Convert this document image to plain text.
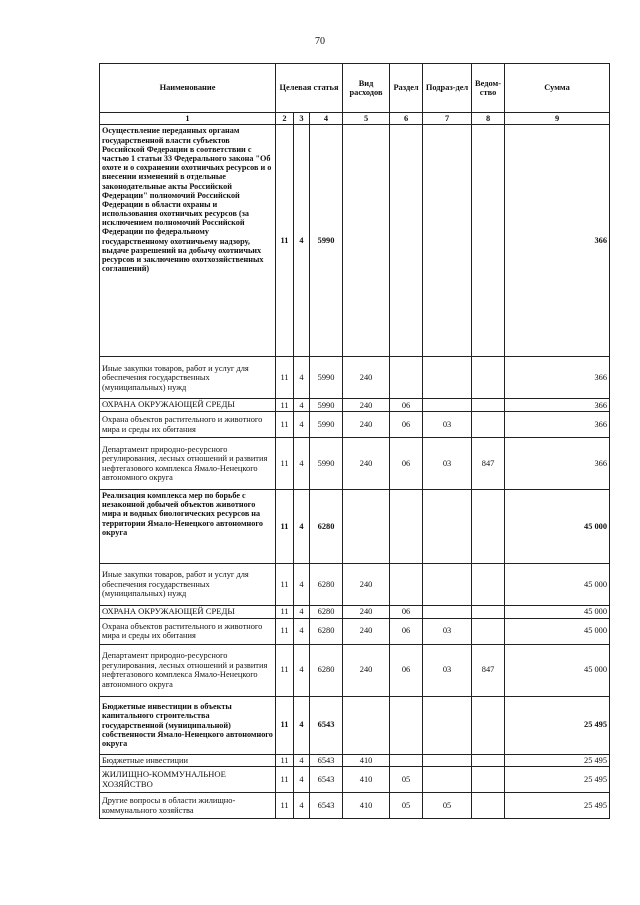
70
Наименование	Целевая статья			Вид расходов	Раздел	Подраз-дел	Ведом-ство	Сумма
1	2	3	4	5	6	7	8	9
Осуществление переданных органам государственной власти субъектов Российской Федерации в соответствии с частью 1 статьи 33 Федерального закона "Об охоте и о сохранении охотничьих ресурсов и о внесении изменений в отдельные законодательные акты Российской Федерации" полномочий Российской Федерации в области охраны и использования охотничьих ресурсов (за исключением полномочий Российской Федерации по федеральному государственному охотничьему надзору, выдаче разрешений на добычу охотничьих ресурсов и заключению охотхозяйственных соглашений)	11	4	5990					366
Иные закупки товаров, работ и услуг для обеспечения государственных (муниципальных) нужд	11	4	5990	240				366
ОХРАНА ОКРУЖАЮЩЕЙ СРЕДЫ	11	4	5990	240	06			366
Охрана объектов растительного и животного мира и среды их обитания	11	4	5990	240	06	03		366
Департамент природно-ресурсного регулирования, лесных отношений и развития нефтегазового комплекса Ямало-Ненецкого автономного округа	11	4	5990	240	06	03	847	366
Реализация комплекса мер по борьбе с незаконной добычей объектов животного мира и водных биологических ресурсов на территории Ямало-Ненецкого автономного округа	11	4	6280					45 000
Иные закупки товаров, работ и услуг для обеспечения государственных (муниципальных) нужд	11	4	6280	240				45 000
ОХРАНА ОКРУЖАЮЩЕЙ СРЕДЫ	11	4	6280	240	06			45 000
Охрана объектов растительного и животного мира и среды их обитания	11	4	6280	240	06	03		45 000
Департамент природно-ресурсного регулирования, лесных отношений и развития нефтегазового комплекса Ямало-Ненецкого автономного округа	11	4	6280	240	06	03	847	45 000
Бюджетные инвестиции в объекты капитального строительства государственной (муниципальной) собственности Ямало-Ненецкого автономного округа	11	4	6543					25 495
Бюджетные инвестиции	11	4	6543	410				25 495
ЖИЛИЩНО-КОММУНАЛЬНОЕ ХОЗЯЙСТВО	11	4	6543	410	05			25 495
Другие вопросы в области жилищно-коммунального хозяйства	11	4	6543	410	05	05		25 495
